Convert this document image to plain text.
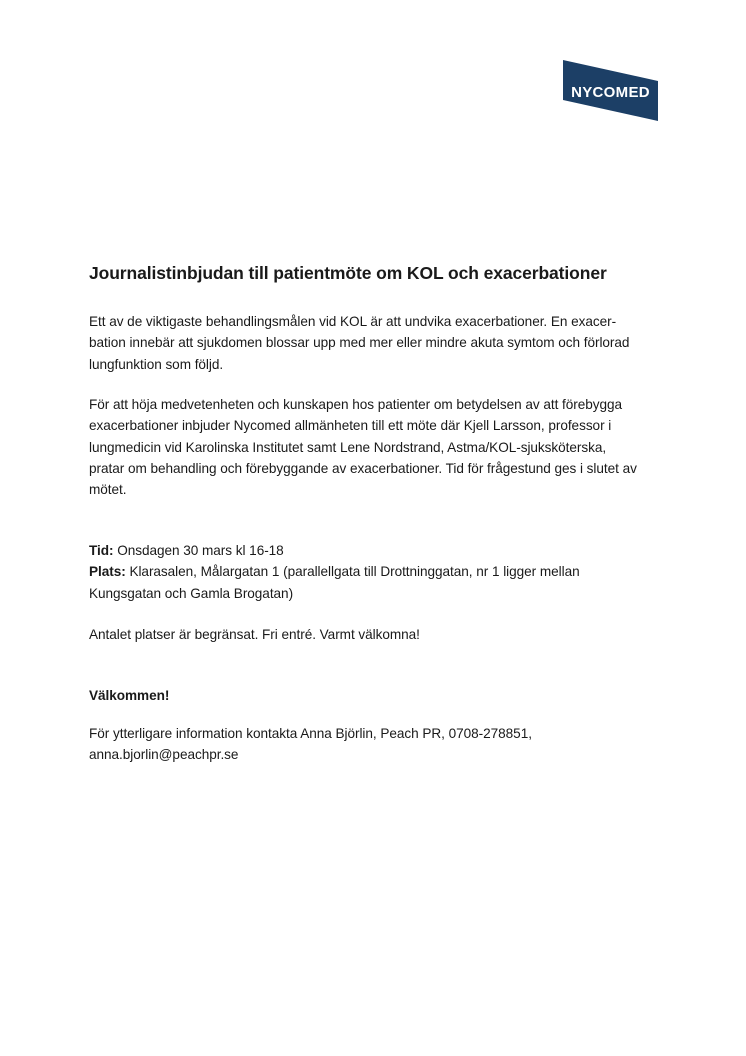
NYCOMED
Journalistinbjudan till patientmöte om KOL och exacerbationer

Ett av de viktigaste behandlingsmålen vid KOL är att undvika exacerbationer. En exacer-
bation innebär att sjukdomen blossar upp med mer eller mindre akuta symtom och förlorad
lungfunktion som följd.

För att höja medvetenheten och kunskapen hos patienter om betydelsen av att förebygga
exacerbationer inbjuder Nycomed allmänheten till ett möte där Kjell Larsson, professor i
lungmedicin vid Karolinska Institutet samt Lene Nordstrand, Astma/KOL-sjuksköterska,
pratar om behandling och förebyggande av exacerbationer. Tid för frågestund ges i slutet av
mötet.

Tid: Onsdagen 30 mars kl 16-18
Plats: Klarasalen, Målargatan 1 (parallellgata till Drottninggatan, nr 1 ligger mellan
Kungsgatan och Gamla Brogatan)

Antalet platser är begränsat. Fri entré. Varmt välkomna!

Välkommen!

För ytterligare information kontakta Anna Björlin, Peach PR, 0708-278851,
anna.bjorlin@peachpr.se
